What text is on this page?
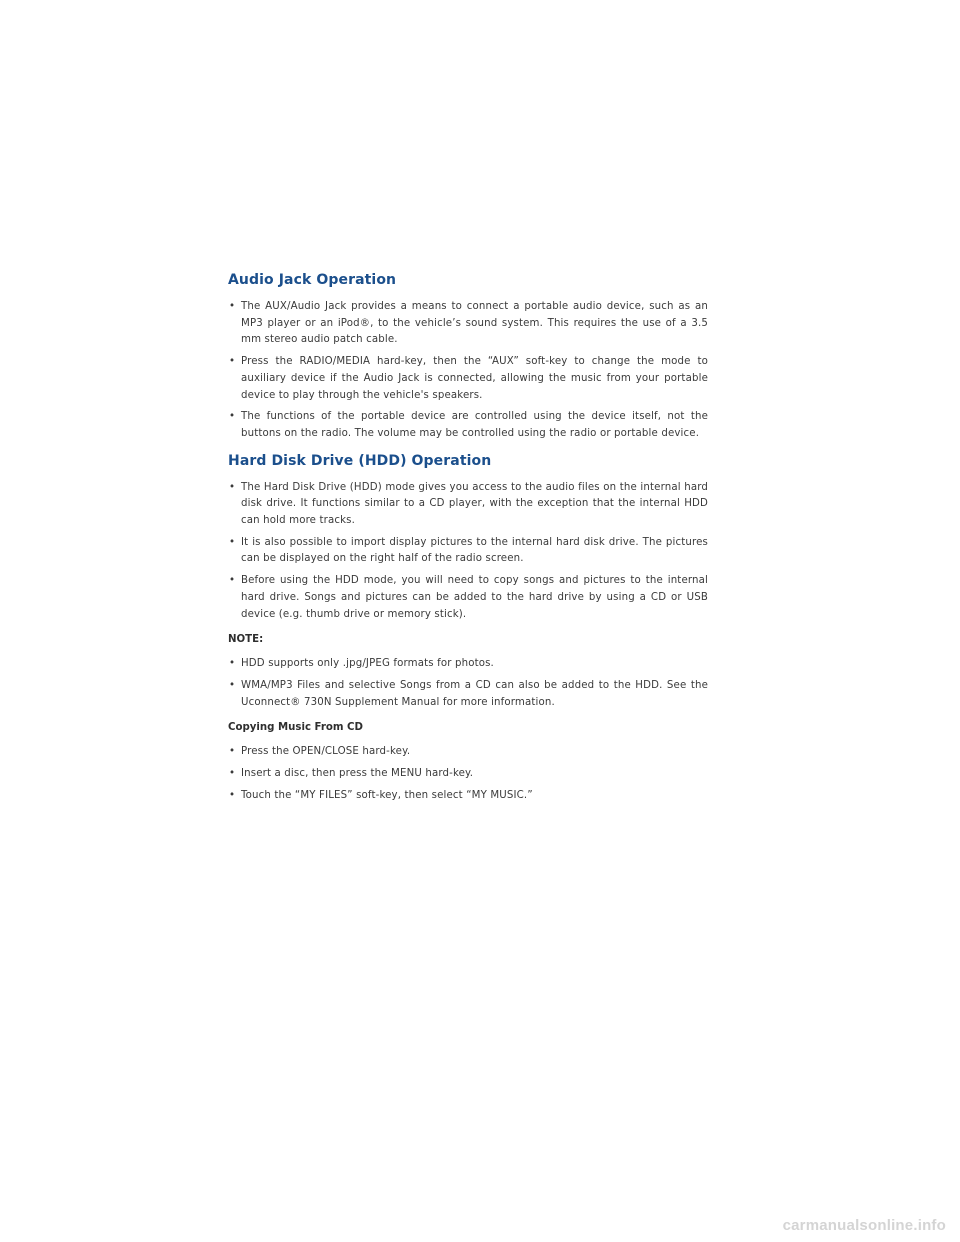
Audio Jack Operation
• The AUX/Audio Jack provides a means to connect a portable audio device, such as an MP3 player or an iPod®, to the vehicle’s sound system. This requires the use of a 3.5 mm stereo audio patch cable.
• Press the RADIO/MEDIA hard-key, then the “AUX” soft-key to change the mode to auxiliary device if the Audio Jack is connected, allowing the music from your portable device to play through the vehicle's speakers.
• The functions of the portable device are controlled using the device itself, not the buttons on the radio. The volume may be controlled using the radio or portable device.
Hard Disk Drive (HDD) Operation
• The Hard Disk Drive (HDD) mode gives you access to the audio files on the internal hard disk drive. It functions similar to a CD player, with the exception that the internal HDD can hold more tracks.
• It is also possible to import display pictures to the internal hard disk drive. The pictures can be displayed on the right half of the radio screen.
• Before using the HDD mode, you will need to copy songs and pictures to the internal hard drive. Songs and pictures can be added to the hard drive by using a CD or USB device (e.g. thumb drive or memory stick).
NOTE:
• HDD supports only .jpg/JPEG formats for photos.
• WMA/MP3 Files and selective Songs from a CD can also be added to the HDD. See the Uconnect® 730N Supplement Manual for more information.
Copying Music From CD
• Press the OPEN/CLOSE hard-key.
• Insert a disc, then press the MENU hard-key.
• Touch the “MY FILES” soft-key, then select “MY MUSIC.”
carmanualsonline.info
